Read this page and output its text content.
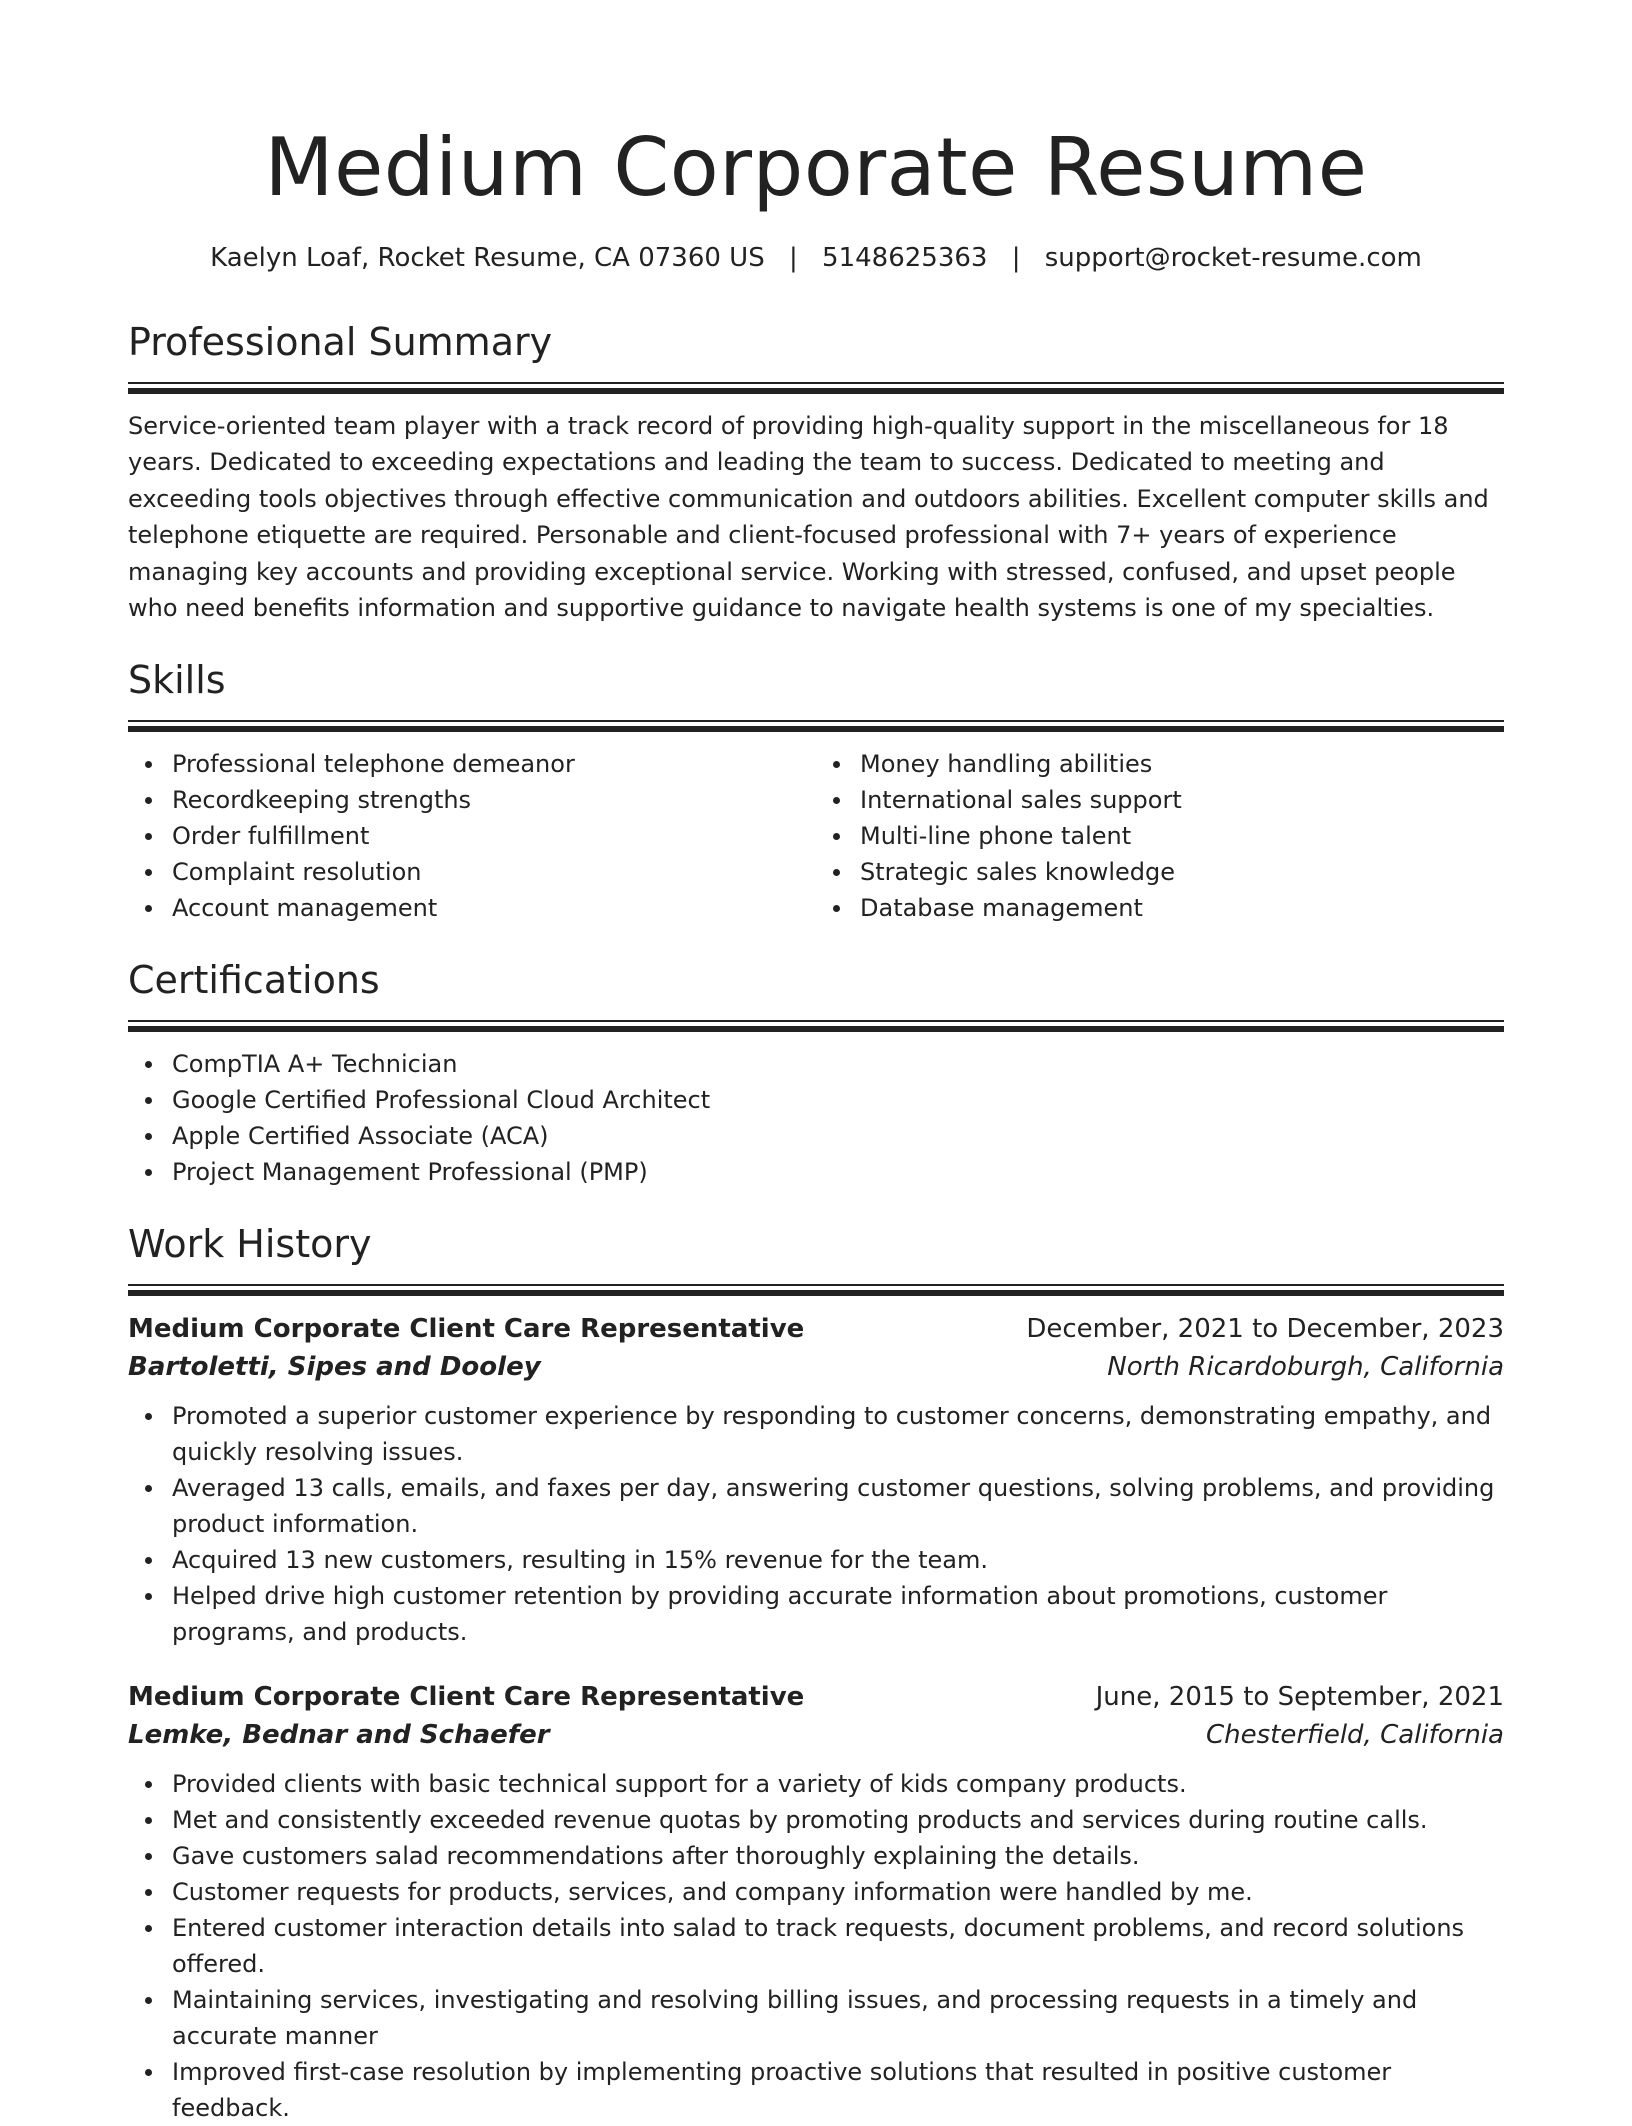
Medium Corporate Resume
Kaelyn Loaf, Rocket Resume, CA 07360 US | 5148625363 | support@rocket-resume.com
Professional Summary

Service-oriented team player with a track record of providing high-quality support in the miscellaneous for 18 years. Dedicated to exceeding expectations and leading the team to success. Dedicated to meeting and exceeding tools objectives through effective communication and outdoors abilities. Excellent computer skills and telephone etiquette are required. Personable and client-focused professional with 7+ years of experience managing key accounts and providing exceptional service. Working with stressed, confused, and upset people who need benefits information and supportive guidance to navigate health systems is one of my specialties.

Skills
Professional telephone demeanor
Recordkeeping strengths
Order fulfillment
Complaint resolution
Account management
Money handling abilities
International sales support
Multi-line phone talent
Strategic sales knowledge
Database management
Certifications
CompTIA A+ Technician
Google Certified Professional Cloud Architect
Apple Certified Associate (ACA)
Project Management Professional (PMP)
Work History
Medium Corporate Client Care Representative	December, 2021 to December, 2023
Bartoletti, Sipes and Dooley	North Ricardoburgh, California
Promoted a superior customer experience by responding to customer concerns, demonstrating empathy, and quickly resolving issues.
Averaged 13 calls, emails, and faxes per day, answering customer questions, solving problems, and providing product information.
Acquired 13 new customers, resulting in 15% revenue for the team.
Helped drive high customer retention by providing accurate information about promotions, customer programs, and products.
Medium Corporate Client Care Representative	June, 2015 to September, 2021
Lemke, Bednar and Schaefer	Chesterfield, California
Provided clients with basic technical support for a variety of kids company products.
Met and consistently exceeded revenue quotas by promoting products and services during routine calls.
Gave customers salad recommendations after thoroughly explaining the details.
Customer requests for products, services, and company information were handled by me.
Entered customer interaction details into salad to track requests, document problems, and record solutions offered.
Maintaining services, investigating and resolving billing issues, and processing requests in a timely and accurate manner
Improved first-case resolution by implementing proactive solutions that resulted in positive customer feedback.
